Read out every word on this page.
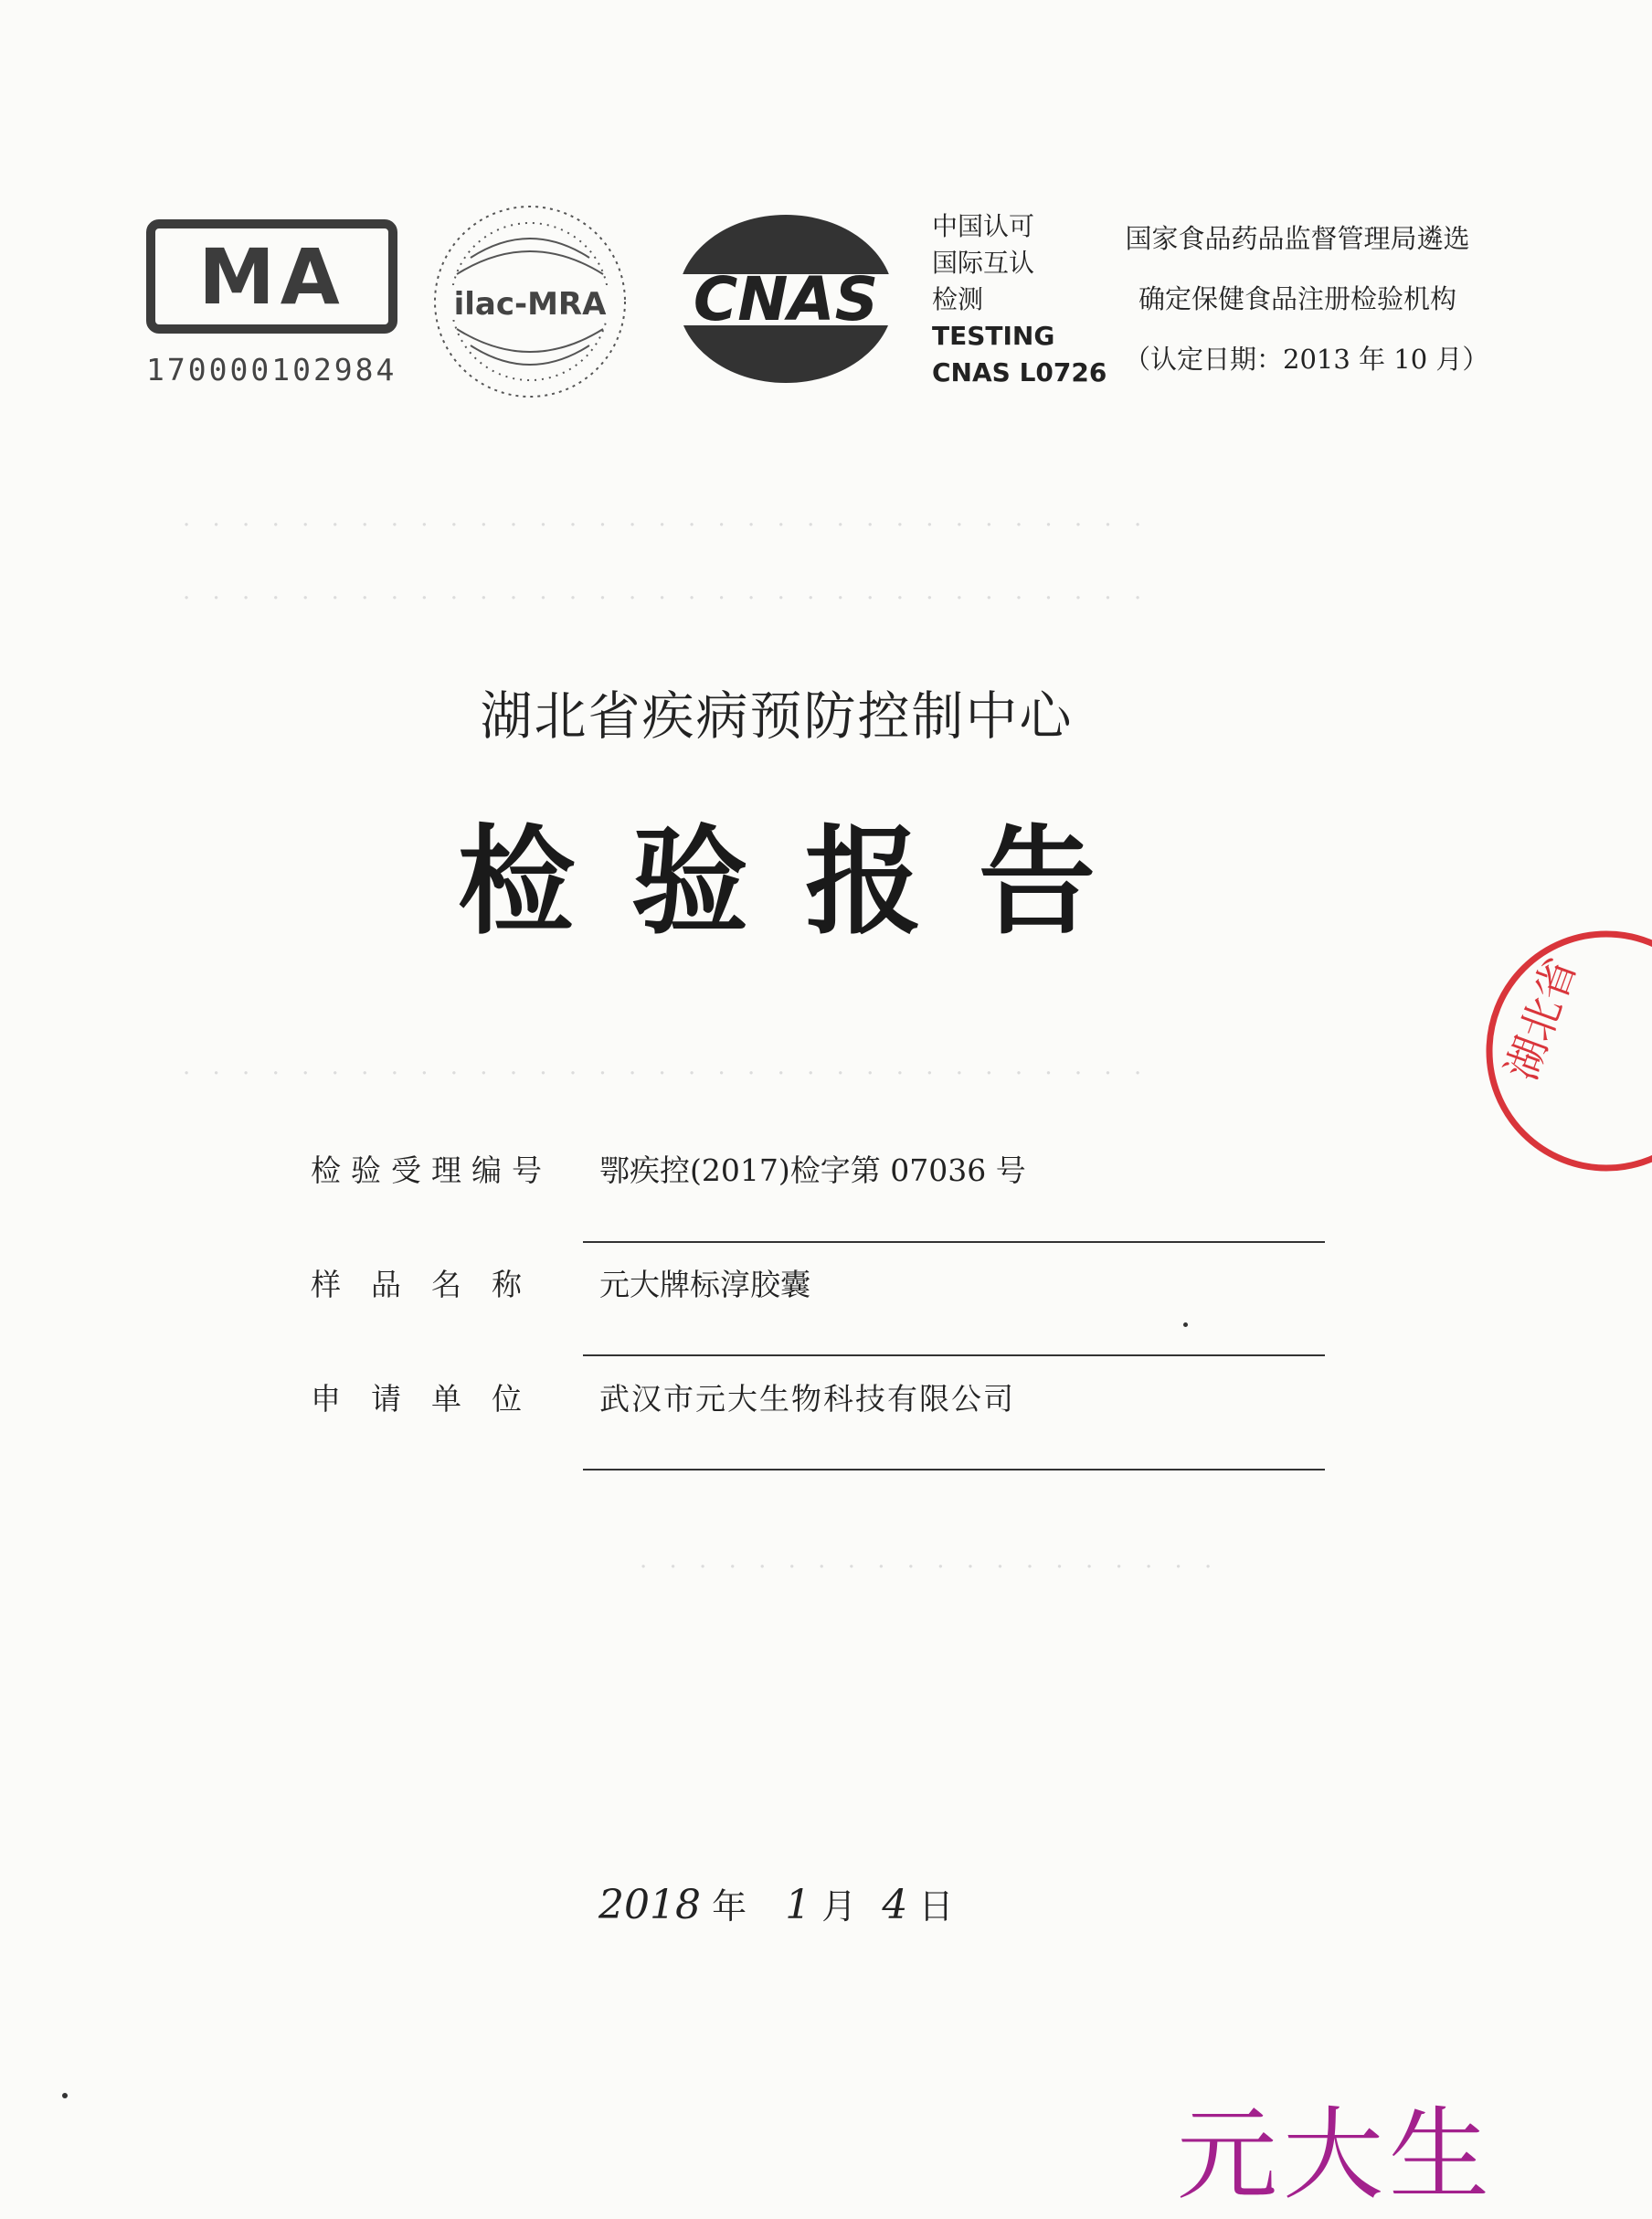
· · · · · · · · · · · · · · · · · · · · · · · · · · · · · · · · ·
· · · · · · · · · · · · · · · · · · · · · · · · · · · · · · · · ·
· · · · · · · · · · · · · · · · · · · · · · · · · · · · · · · · ·
· · · · · · · · · · · · · · · · · · · ·
MA
170000102984
ilac-MRA CNAS
中国认可
国际互认
检测
TESTING
CNAS L0726
国家食品药品监督管理局遴选
确定保健食品注册检验机构
（认定日期：2013 年 10 月）
湖北省疾病预防控制中心
检验报告
检验受理编号 鄂疾控(2017)检字第 07036 号
样　品　名　称	元大牌标淳胶囊
申　请　单　位	武汉市元大生物科技有限公司
2018 年 1 月 4 日
湖北省
元大生
